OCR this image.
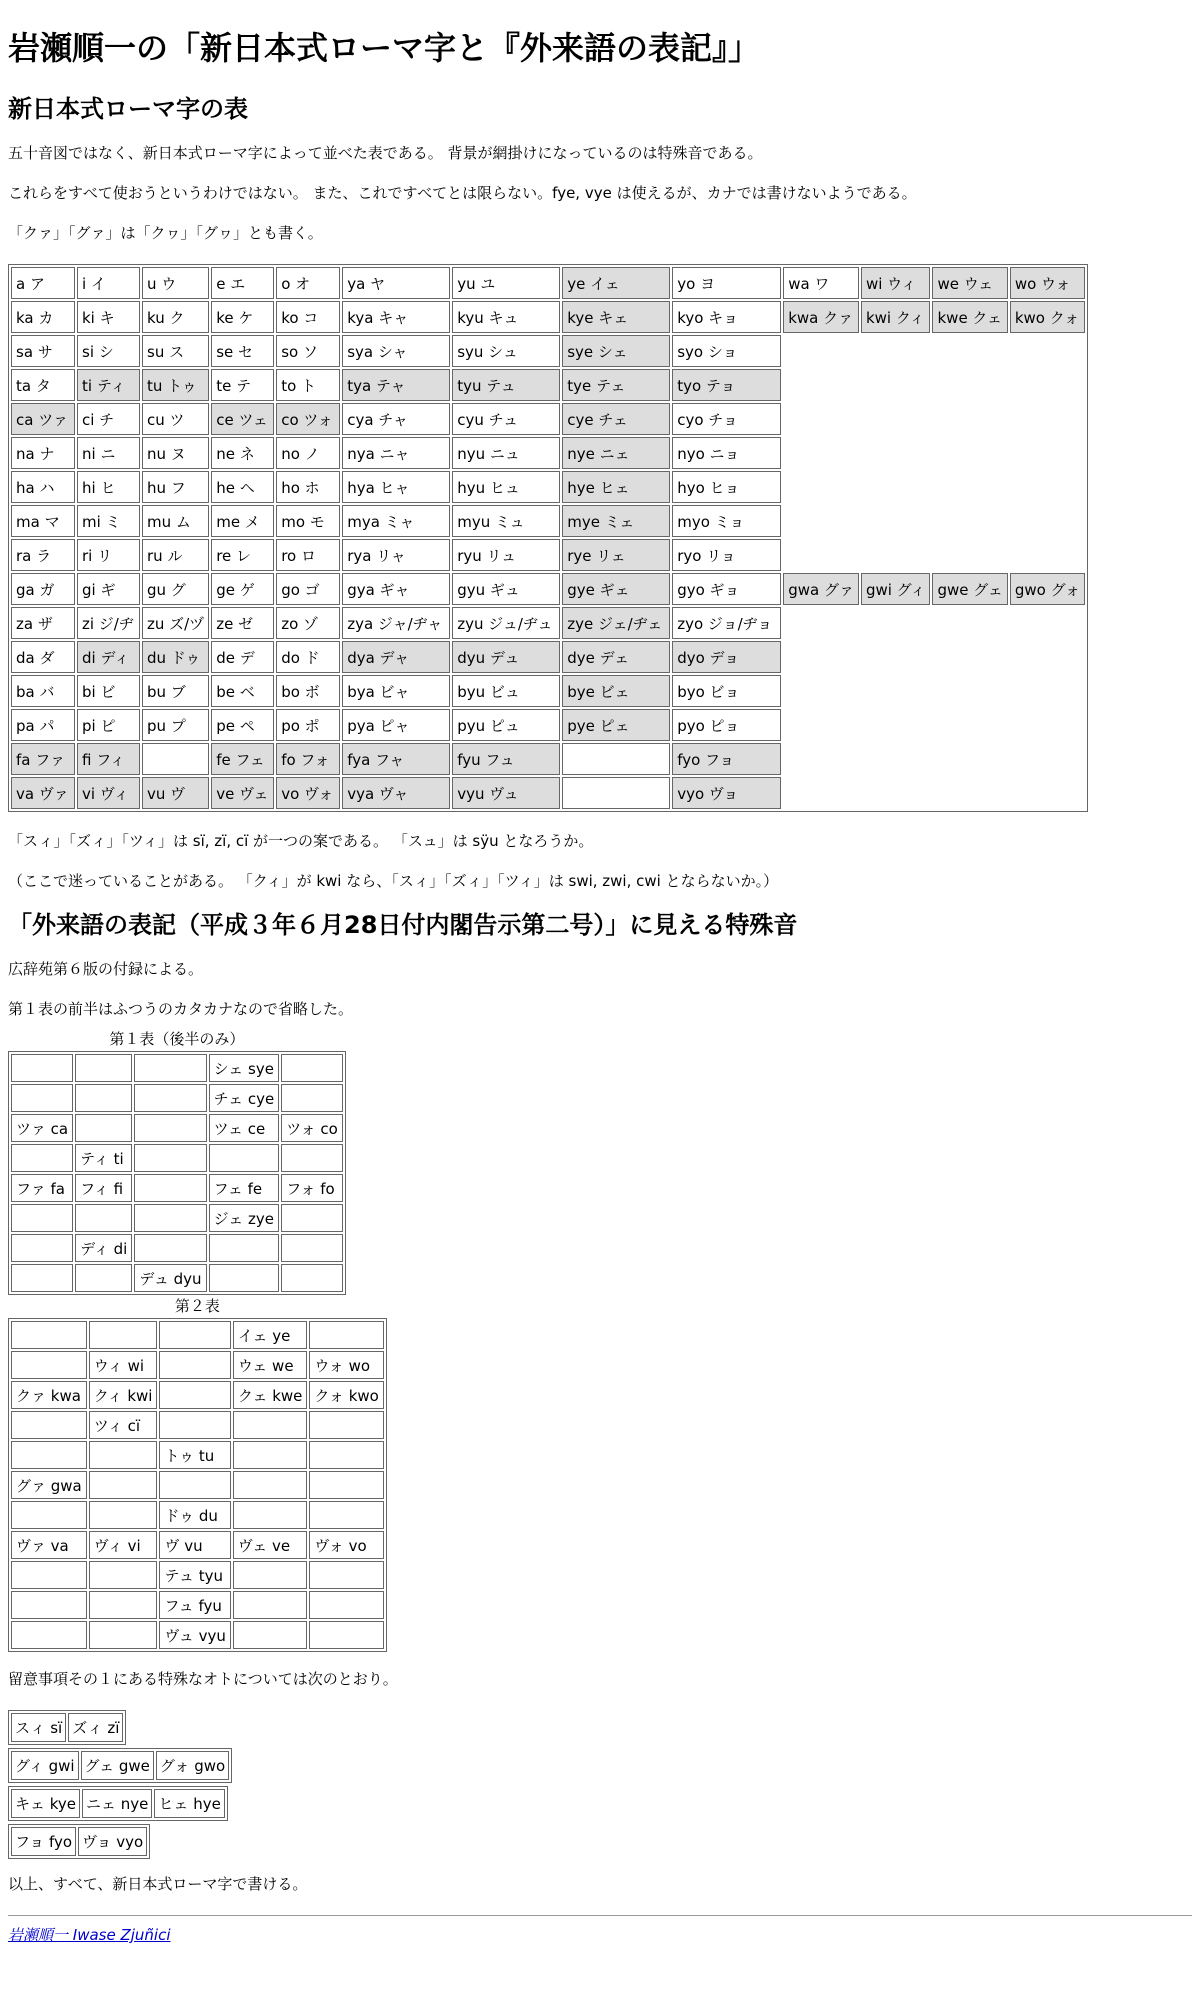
岩瀬順一の「新日本式ローマ字と『外来語の表記』」
新日本式ローマ字の表

五十音図ではなく、新日本式ローマ字によって並べた表である。 背景が網掛けになっているのは特殊音である。

これらをすべて使おうというわけではない。 また、これですべてとは限らない。fye, vye は使えるが、カナでは書けないようである。

「クァ」「グァ」は「クヮ」「グヮ」とも書く。

a ア	i イ	u ウ	e エ	o オ	ya ヤ	yu ユ	ye イェ	yo ヨ	wa ワ	wi ウィ	we ウェ	wo ウォ
ka カ	ki キ	ku ク	ke ケ	ko コ	kya キャ	kyu キュ	kye キェ	kyo キョ	kwa クァ	kwi クィ	kwe クェ	kwo クォ
sa サ	si シ	su ス	se セ	so ソ	sya シャ	syu シュ	sye シェ	syo ショ				
ta タ	ti ティ	tu トゥ	te テ	to ト	tya テャ	tyu テュ	tye テェ	tyo テョ				
ca ツァ	ci チ	cu ツ	ce ツェ	co ツォ	cya チャ	cyu チュ	cye チェ	cyo チョ				
na ナ	ni ニ	nu ヌ	ne ネ	no ノ	nya ニャ	nyu ニュ	nye ニェ	nyo ニョ				
ha ハ	hi ヒ	hu フ	he ヘ	ho ホ	hya ヒャ	hyu ヒュ	hye ヒェ	hyo ヒョ				
ma マ	mi ミ	mu ム	me メ	mo モ	mya ミャ	myu ミュ	mye ミェ	myo ミョ				
ra ラ	ri リ	ru ル	re レ	ro ロ	rya リャ	ryu リュ	rye リェ	ryo リョ				
ga ガ	gi ギ	gu グ	ge ゲ	go ゴ	gya ギャ	gyu ギュ	gye ギェ	gyo ギョ	gwa グァ	gwi グィ	gwe グェ	gwo グォ
za ザ	zi ジ/ヂ	zu ズ/ヅ	ze ゼ	zo ゾ	zya ジャ/ヂャ	zyu ジュ/ヂュ	zye ジェ/ヂェ	zyo ジョ/ヂョ				
da ダ	di ディ	du ドゥ	de デ	do ド	dya デャ	dyu デュ	dye デェ	dyo デョ				
ba バ	bi ビ	bu ブ	be ベ	bo ボ	bya ビャ	byu ビュ	bye ビェ	byo ビョ				
pa パ	pi ピ	pu プ	pe ペ	po ポ	pya ピャ	pyu ピュ	pye ピェ	pyo ピョ				
fa ファ	fi フィ		fe フェ	fo フォ	fya フャ	fyu フュ		fyo フョ				
va ヴァ	vi ヴィ	vu ヴ	ve ヴェ	vo ヴォ	vya ヴャ	vyu ヴュ		vyo ヴョ				

「スィ」「ズィ」「ツィ」は sï, zï, cï が一つの案である。 「スュ」は sÿu となろうか。

（ここで迷っていることがある。 「クィ」が kwi なら、「スィ」「ズィ」「ツィ」は swi, zwi, cwi とならないか。）

「外来語の表記（平成３年６月28日付内閣告示第二号）」に見える特殊音

広辞苑第６版の付録による。

第１表の前半はふつうのカタカナなので省略した。

第１表（後半のみ）
			シェ sye	
			チェ cye	
ツァ ca			ツェ ce	ツォ co
	ティ ti			
ファ fa	フィ fi		フェ fe	フォ fo
			ジェ zye	
	ディ di			
		デュ dyu		
第２表
			イェ ye	
	ウィ wi		ウェ we	ウォ wo
クァ kwa	クィ kwi		クェ kwe	クォ kwo
	ツィ cï			
		トゥ tu		
グァ gwa				
		ドゥ du		
ヴァ va	ヴィ vi	ヴ vu	ヴェ ve	ヴォ vo
		テュ tyu		
		フュ fyu		
		ヴュ vyu		

留意事項その１にある特殊なオトについては次のとおり。

スィ sï	ズィ zï
グィ gwi	グェ gwe	グォ gwo
キェ kye	ニェ nye	ヒェ hye
フョ fyo	ヴョ vyo

以上、すべて、新日本式ローマ字で書ける。

岩瀬順一 Iwase Zjuñici
